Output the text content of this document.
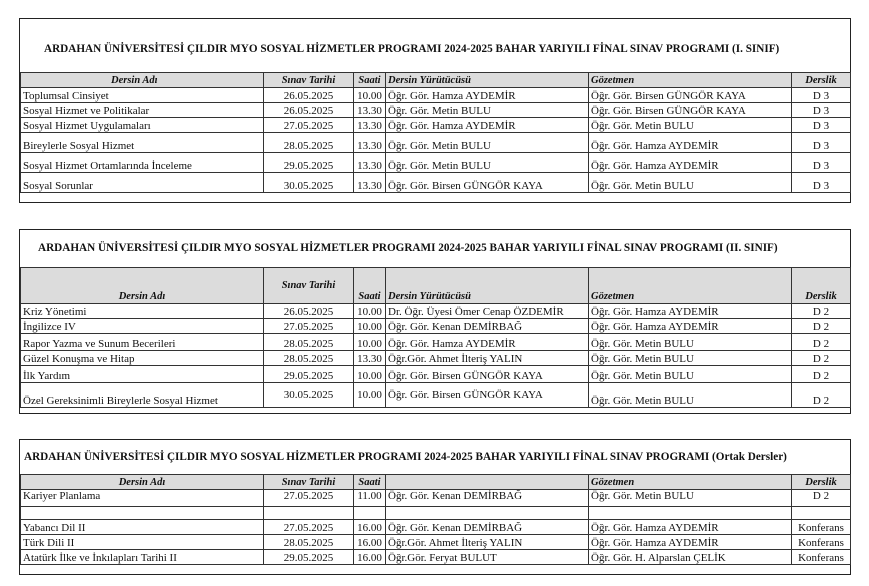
ARDAHAN ÜNİVERSİTESİ ÇILDIR MYO SOSYAL HİZMETLER PROGRAMI 2024-2025 BAHAR YARIYILI FİNAL SINAV PROGRAMI (I. SINIF)
Dersin Adı	Sınav Tarihi	Saati	Dersin Yürütücüsü	Gözetmen	Derslik
Toplumsal Cinsiyet	26.05.2025	10.00	Öğr. Gör. Hamza AYDEMİR	Öğr. Gör. Birsen GÜNGÖR KAYA	D 3
Sosyal Hizmet ve Politikalar	26.05.2025	13.30	Öğr. Gör. Metin BULU	Öğr. Gör. Birsen GÜNGÖR KAYA	D 3
Sosyal Hizmet Uygulamaları	27.05.2025	13.30	Öğr. Gör. Hamza AYDEMİR	Öğr. Gör. Metin BULU	D 3
Bireylerle Sosyal Hizmet	28.05.2025	13.30	Öğr. Gör. Metin BULU	Öğr. Gör. Hamza AYDEMİR	D 3
Sosyal Hizmet Ortamlarında İnceleme	29.05.2025	13.30	Öğr. Gör. Metin BULU	Öğr. Gör. Hamza AYDEMİR	D 3
Sosyal Sorunlar	30.05.2025	13.30	Öğr. Gör. Birsen GÜNGÖR KAYA	Öğr. Gör. Metin BULU	D 3
ARDAHAN ÜNİVERSİTESİ ÇILDIR MYO SOSYAL HİZMETLER PROGRAMI 2024-2025 BAHAR YARIYILI FİNAL SINAV PROGRAMI (II. SINIF)
Dersin Adı	Sınav Tarihi	Saati	Dersin Yürütücüsü	Gözetmen	Derslik
Kriz Yönetimi	26.05.2025	10.00	Dr. Öğr. Üyesi Ömer Cenap ÖZDEMİR	Öğr. Gör. Hamza AYDEMİR	D 2
İngilizce IV	27.05.2025	10.00	Öğr. Gör. Kenan DEMİRBAĞ	Öğr. Gör. Hamza AYDEMİR	D 2
Rapor Yazma ve Sunum Becerileri	28.05.2025	10.00	Öğr. Gör. Hamza AYDEMİR	Öğr. Gör. Metin BULU	D 2
Güzel Konuşma ve Hitap	28.05.2025	13.30	Öğr.Gör. Ahmet İlteriş YALIN	Öğr. Gör. Metin BULU	D 2
İlk Yardım	29.05.2025	10.00	Öğr. Gör. Birsen GÜNGÖR KAYA	Öğr. Gör. Metin BULU	D 2
Özel Gereksinimli Bireylerle Sosyal Hizmet	30.05.2025	10.00	Öğr. Gör. Birsen GÜNGÖR KAYA	Öğr. Gör. Metin BULU	D 2
ARDAHAN ÜNİVERSİTESİ ÇILDIR MYO SOSYAL HİZMETLER PROGRAMI 2024-2025 BAHAR YARIYILI FİNAL SINAV PROGRAMI (Ortak Dersler)
Dersin Adı	Sınav Tarihi	Saati		Gözetmen	Derslik
Kariyer Planlama	27.05.2025	11.00	Öğr. Gör. Kenan DEMİRBAĞ	Öğr. Gör. Metin BULU	D 2

Yabancı Dil II	27.05.2025	16.00	Öğr. Gör. Kenan DEMİRBAĞ	Öğr. Gör. Hamza AYDEMİR	Konferans
Türk Dili II	28.05.2025	16.00	Öğr.Gör. Ahmet İlteriş YALIN	Öğr. Gör. Hamza AYDEMİR	Konferans
Atatürk İlke ve İnkılapları Tarihi II	29.05.2025	16.00	Öğr.Gör. Feryat BULUT	Öğr. Gör. H. Alparslan ÇELİK	Konferans
